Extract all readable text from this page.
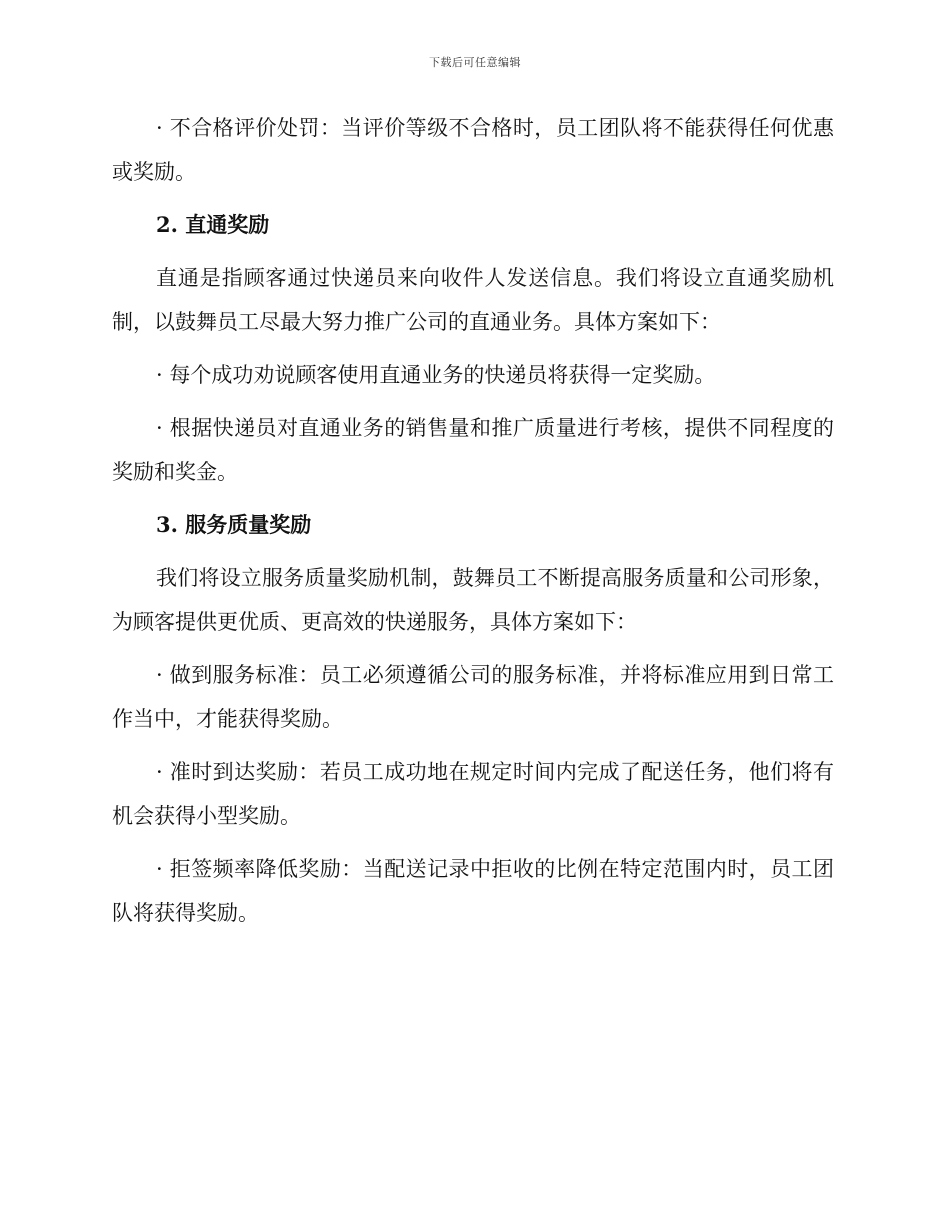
下载后可任意编辑

· 不合格评价处罚：当评价等级不合格时，员工团队将不能获得任何优惠或奖励。

2. 直通奖励

直通是指顾客通过快递员来向收件人发送信息。我们将设立直通奖励机制，以鼓舞员工尽最大努力推广公司的直通业务。具体方案如下：

· 每个成功劝说顾客使用直通业务的快递员将获得一定奖励。

· 根据快递员对直通业务的销售量和推广质量进行考核，提供不同程度的奖励和奖金。

3. 服务质量奖励

我们将设立服务质量奖励机制，鼓舞员工不断提高服务质量和公司形象，为顾客提供更优质、更高效的快递服务，具体方案如下：

· 做到服务标准：员工必须遵循公司的服务标准，并将标准应用到日常工作当中，才能获得奖励。

· 准时到达奖励：若员工成功地在规定时间内完成了配送任务，他们将有机会获得小型奖励。

· 拒签频率降低奖励：当配送记录中拒收的比例在特定范围内时，员工团队将获得奖励。
